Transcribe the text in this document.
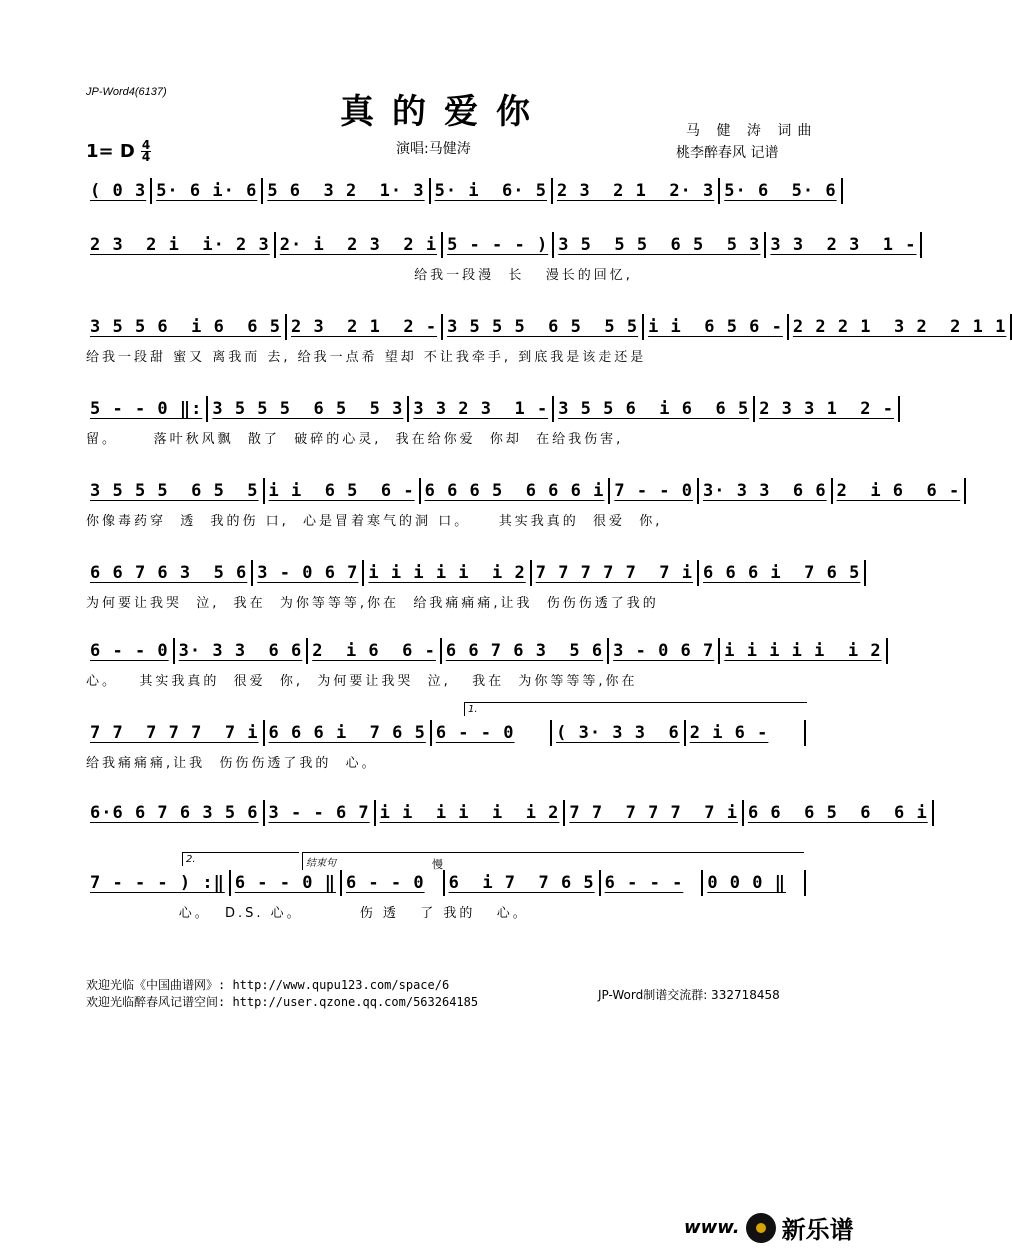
JP-Word4(6137)	真的爱你	马 健 涛 词曲
桃李醉春风 记谱
1= D $\frac{4}{4}$	演唱:马健涛
( 0 3 5· 6 i· 6 5 6  3 2  1· 3 5· i  6· 5 2 3  2 1  2· 3 5· 6  5· 6
2 3  2 i  i· 2 3 2· i  2 3  2 i 5 - - - ) 3 5  5 5  6 5  5 3 3 3  2 3  1 -
给我一段漫  长   漫长的回忆,
3 5 5 6  i 6  6 5 2 3  2 1  2 - 3 5 5 5  6 5  5 5 i i  6 5 6 - 2 2 2 1  3 2  2 1 1
给我一段甜 蜜又 离我而 去, 给我一点希 望却 不让我牵手, 到底我是该走还是
5 - - 0 ‖: 3 5 5 5  6 5  5 3 3 3 2 3  1 - 3 5 5 6  i 6  6 5 2 3 3 1  2 -
留。     落叶秋风飘  散了  破碎的心灵,  我在给你爱  你却  在给我伤害,
3 5 5 5  6 5  5 i i  6 5  6 - 6 6 6 5  6 6 6 i 7 - - 0 3· 3 3  6 6 2  i 6  6 -
你像毒药穿  透  我的伤 口,  心是冒着寒气的洞 口。    其实我真的  很爱  你,
6 6 7 6 3  5 6 3 - 0 6 7 i i i i i  i 2 7 7 7 7 7  7 i 6 6 6 i  7 6 5
为何要让我哭  泣,  我在  为你等等等,你在  给我痛痛痛,让我  伤伤伤透了我的
6 - - 0 3· 3 3  6 6 2  i 6  6 - 6 6 7 6 3  5 6 3 - 0 6 7 i i i i i  i 2
心。   其实我真的  很爱  你,  为何要让我哭  泣,   我在  为你等等等,你在
7 7  7 7 7  7 i 6 6 6 i  7 6 5 6 - - 0	( 3· 3 3  6 2 i 6 -
给我痛痛痛,让我  伤伤伤透了我的  心。
1.
6·6 6 7 6 3 5 6 3 - - 6 7 i i  i i  i  i 2 7 7  7 7 7  7 i 6 6  6 5  6  6 i
7 - - - ) :‖ 6 - - 0 ‖ 6 - - 0	6  i 7  7 6 5 6 - - -	0 0 0 ‖
心。  D.S. 心。        伤 透   了 我的   心。
2.	结束句	慢
欢迎光临《中国曲谱网》: http://www.qupu123.com/space/6
欢迎光临醉春风记谱空间: http://user.qzone.qq.com/563264185	JP-Word制谱交流群: 332718458
www. 新乐谱
